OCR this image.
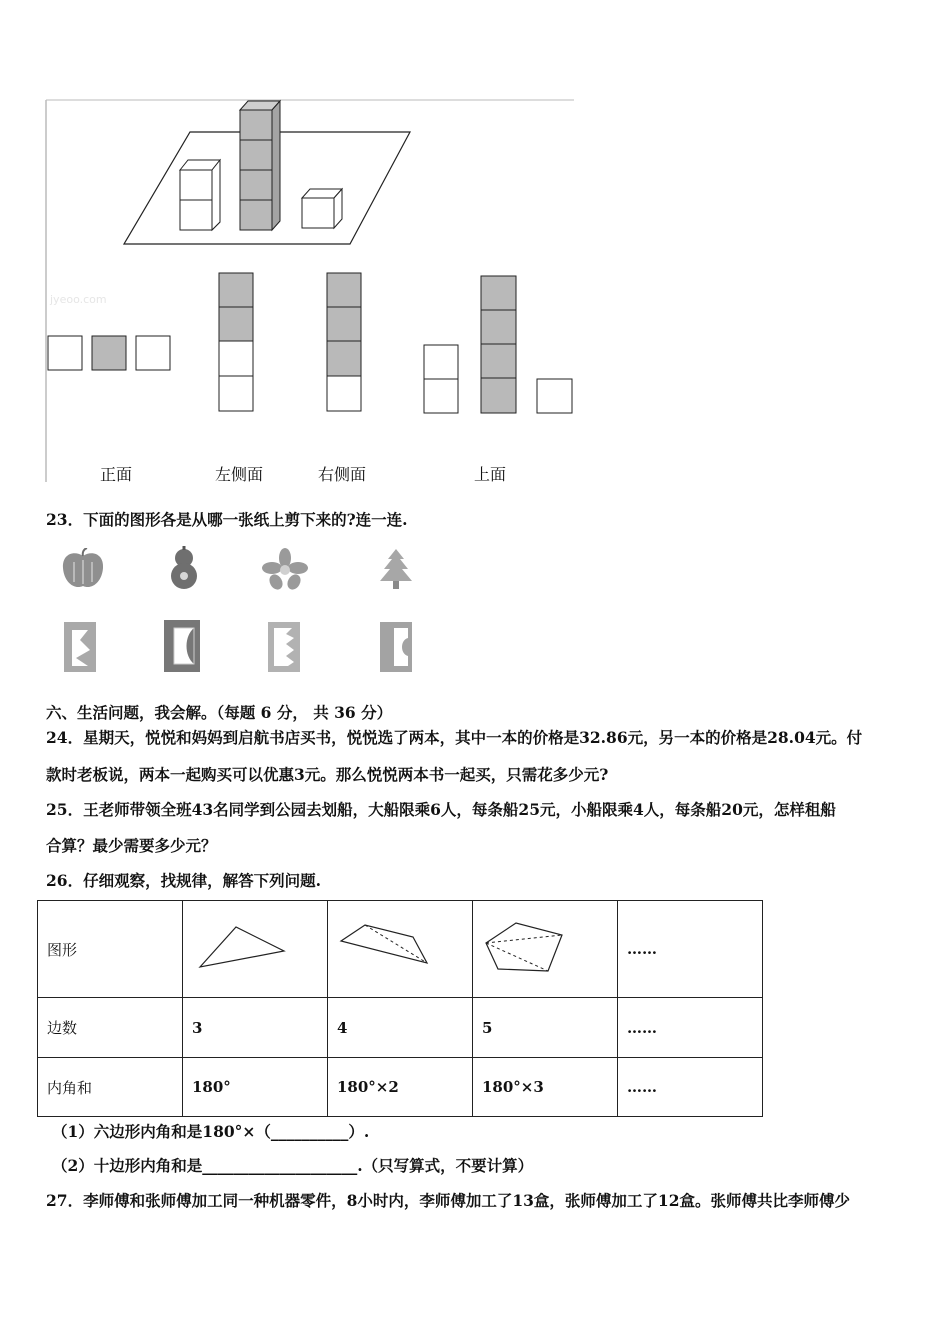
jyeoo.com
正面	左侧面	右侧面	上面
23．下面的图形各是从哪一张纸上剪下来的?连一连.
六、生活问题，我会解。（每题 6 分， 共 36 分）
24．星期天，悦悦和妈妈到启航书店买书，悦悦选了两本，其中一本的价格是32.86元，另一本的价格是28.04元。付
款时老板说，两本一起购买可以优惠3元。那么悦悦两本书一起买，只需花多少元?
25．王老师带领全班43名同学到公园去划船，大船限乘6人，每条船25元，小船限乘4人，每条船20元，怎样租船
合算？最少需要多少元？
26．仔细观察，找规律，解答下列问题.
图形				……
边数	3	4	5	……
内角和	180°	180°×2	180°×3	……
（1）六边形内角和是180°×（__________）.
（2）十边形内角和是____________________.（只写算式，不要计算）
27．李师傅和张师傅加工同一种机器零件，8小时内，李师傅加工了13盒，张师傅加工了12盒。张师傅共比李师傅少
